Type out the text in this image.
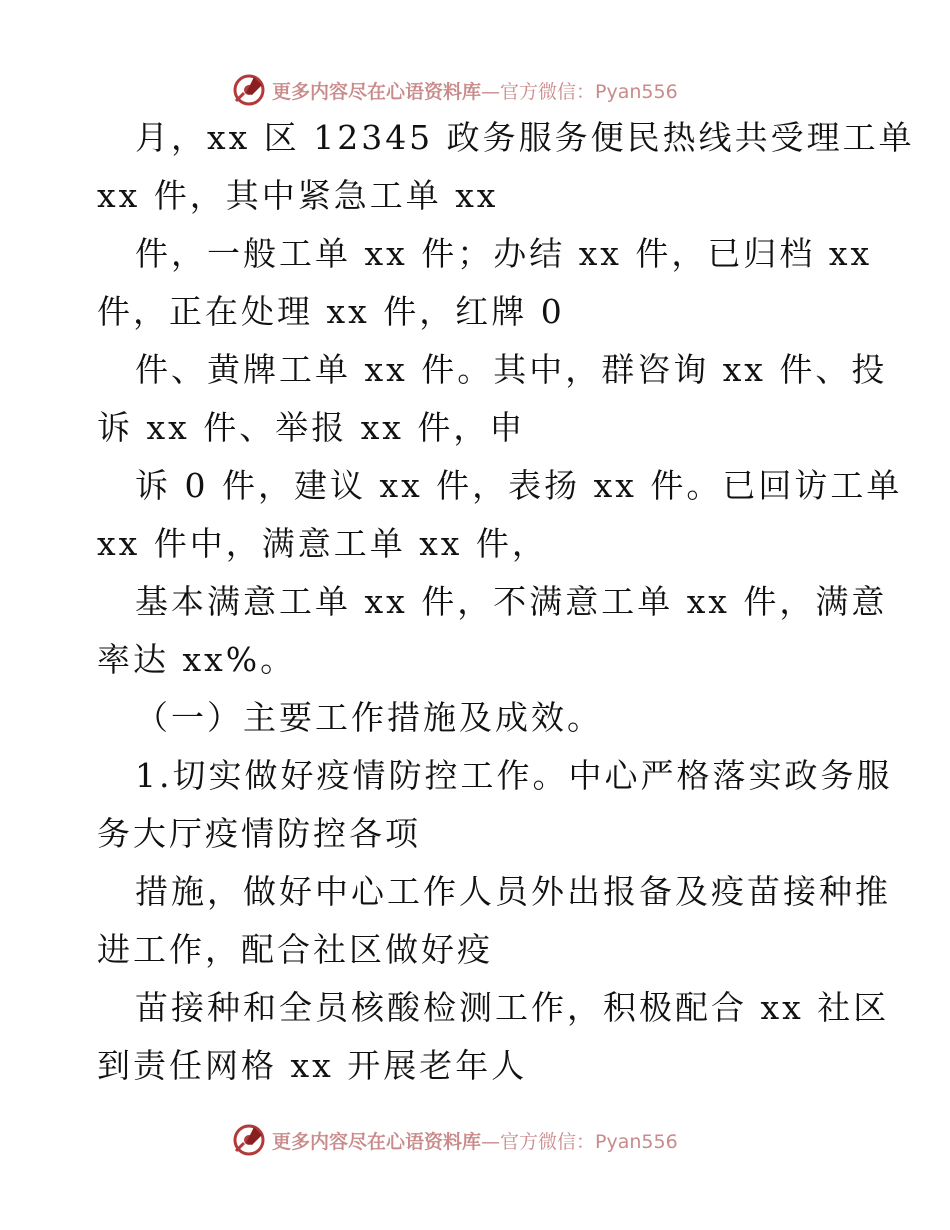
更多内容尽在心语资料库 —官方微信：Pyan556
月，xx 区 12345 政务服务便民热线共受理工单
xx 件，其中紧急工单 xx
件，一般工单 xx 件；办结 xx 件，已归档 xx
件，正在处理 xx 件，红牌 0
件、黄牌工单 xx 件。其中，群咨询 xx 件、投
诉 xx 件、举报 xx 件，申
诉 0 件，建议 xx 件，表扬 xx 件。已回访工单
xx 件中，满意工单 xx 件，
基本满意工单 xx 件，不满意工单 xx 件，满意
率达 xx%。
（一）主要工作措施及成效。
1.切实做好疫情防控工作。中心严格落实政务服
务大厅疫情防控各项
措施，做好中心工作人员外出报备及疫苗接种推
进工作，配合社区做好疫
苗接种和全员核酸检测工作，积极配合 xx 社区
到责任网格 xx 开展老年人
更多内容尽在心语资料库 —官方微信：Pyan556
